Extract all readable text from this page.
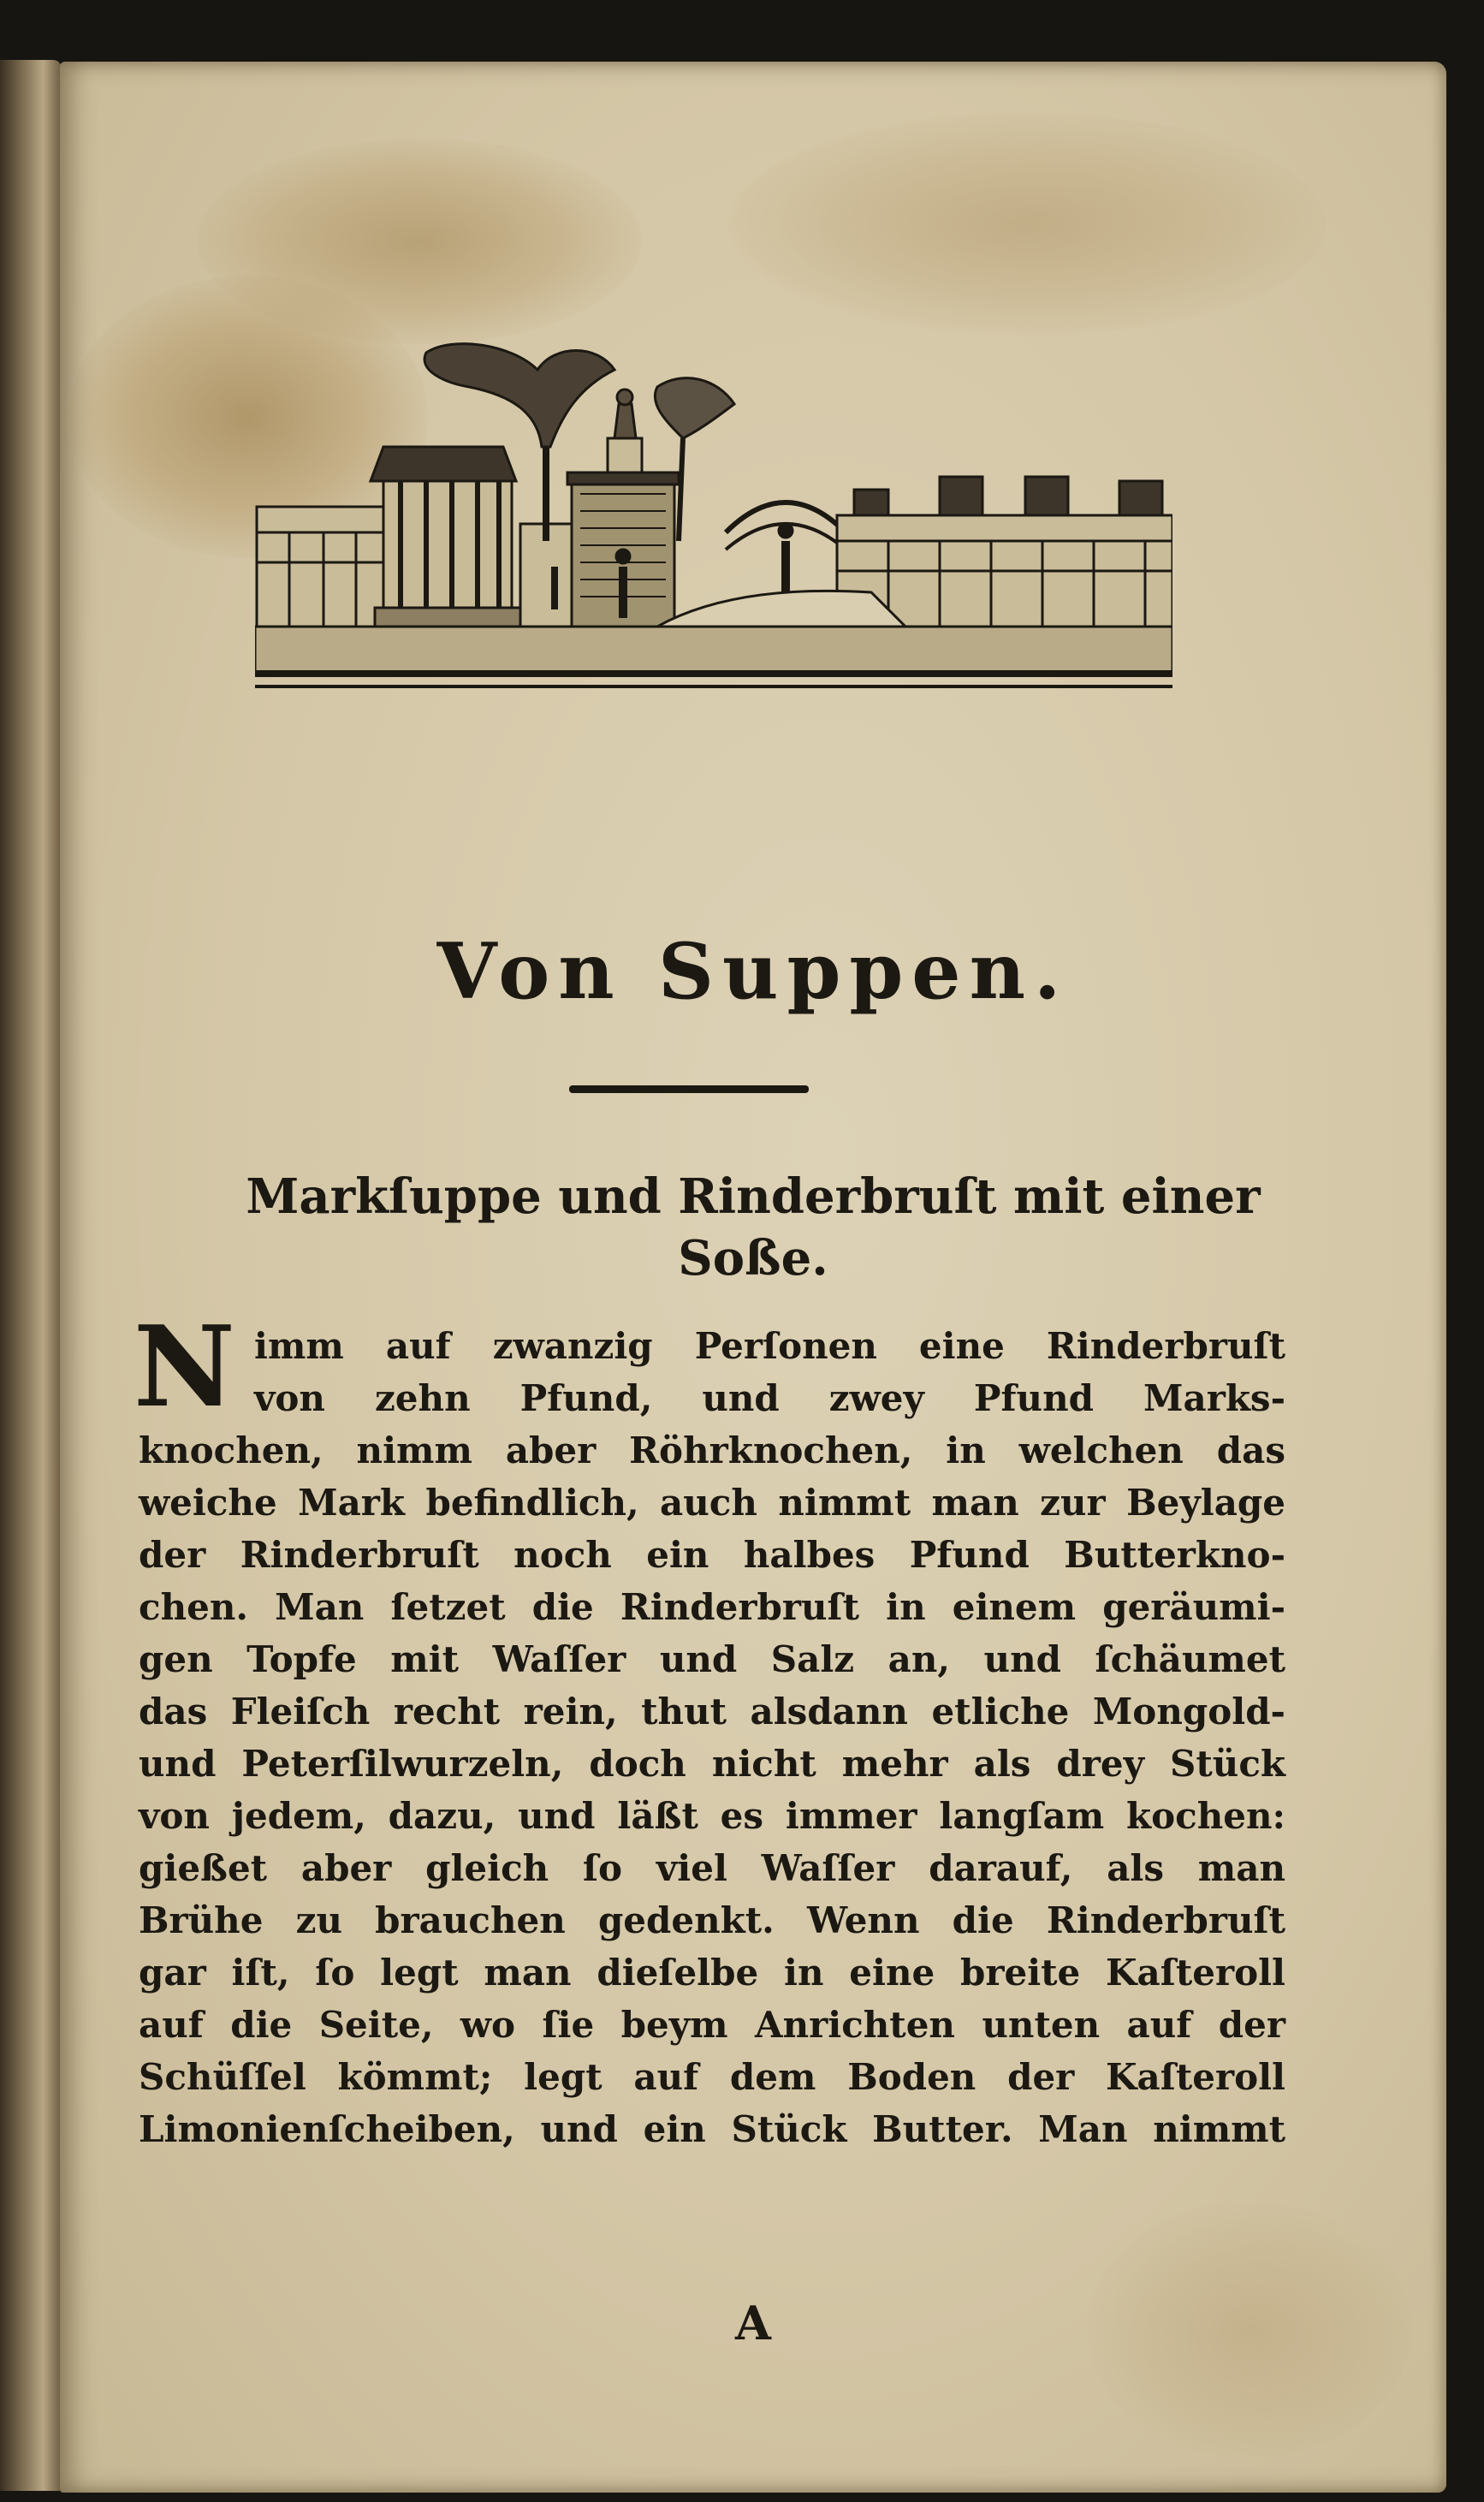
Von Suppen.
Markſuppe und Rinderbruſt mit einer
Soße.
N imm auf zwanzig Perſonen eine Rinderbruſt
von zehn Pfund, und zwey Pfund Marks-
knochen, nimm aber Röhrknochen, in welchen das
weiche Mark befindlich, auch nimmt man zur Beylage
der Rinderbruſt noch ein halbes Pfund Butterkno-
chen. Man ſetzet die Rinderbruſt in einem geräumi-
gen Topfe mit Waſſer und Salz an, und ſchäumet
das Fleiſch recht rein, thut alsdann etliche Mongold-
und Peterſilwurzeln, doch nicht mehr als drey Stück
von jedem, dazu, und läßt es immer langſam kochen:
gießet aber gleich ſo viel Waſſer darauf, als man
Brühe zu brauchen gedenkt. Wenn die Rinderbruſt
gar iſt, ſo legt man dieſelbe in eine breite Kaſteroll
auf die Seite, wo ſie beym Anrichten unten auf der
Schüſſel kömmt; legt auf dem Boden der Kaſteroll
Limonienſcheiben, und ein Stück Butter. Man nimmt
A
